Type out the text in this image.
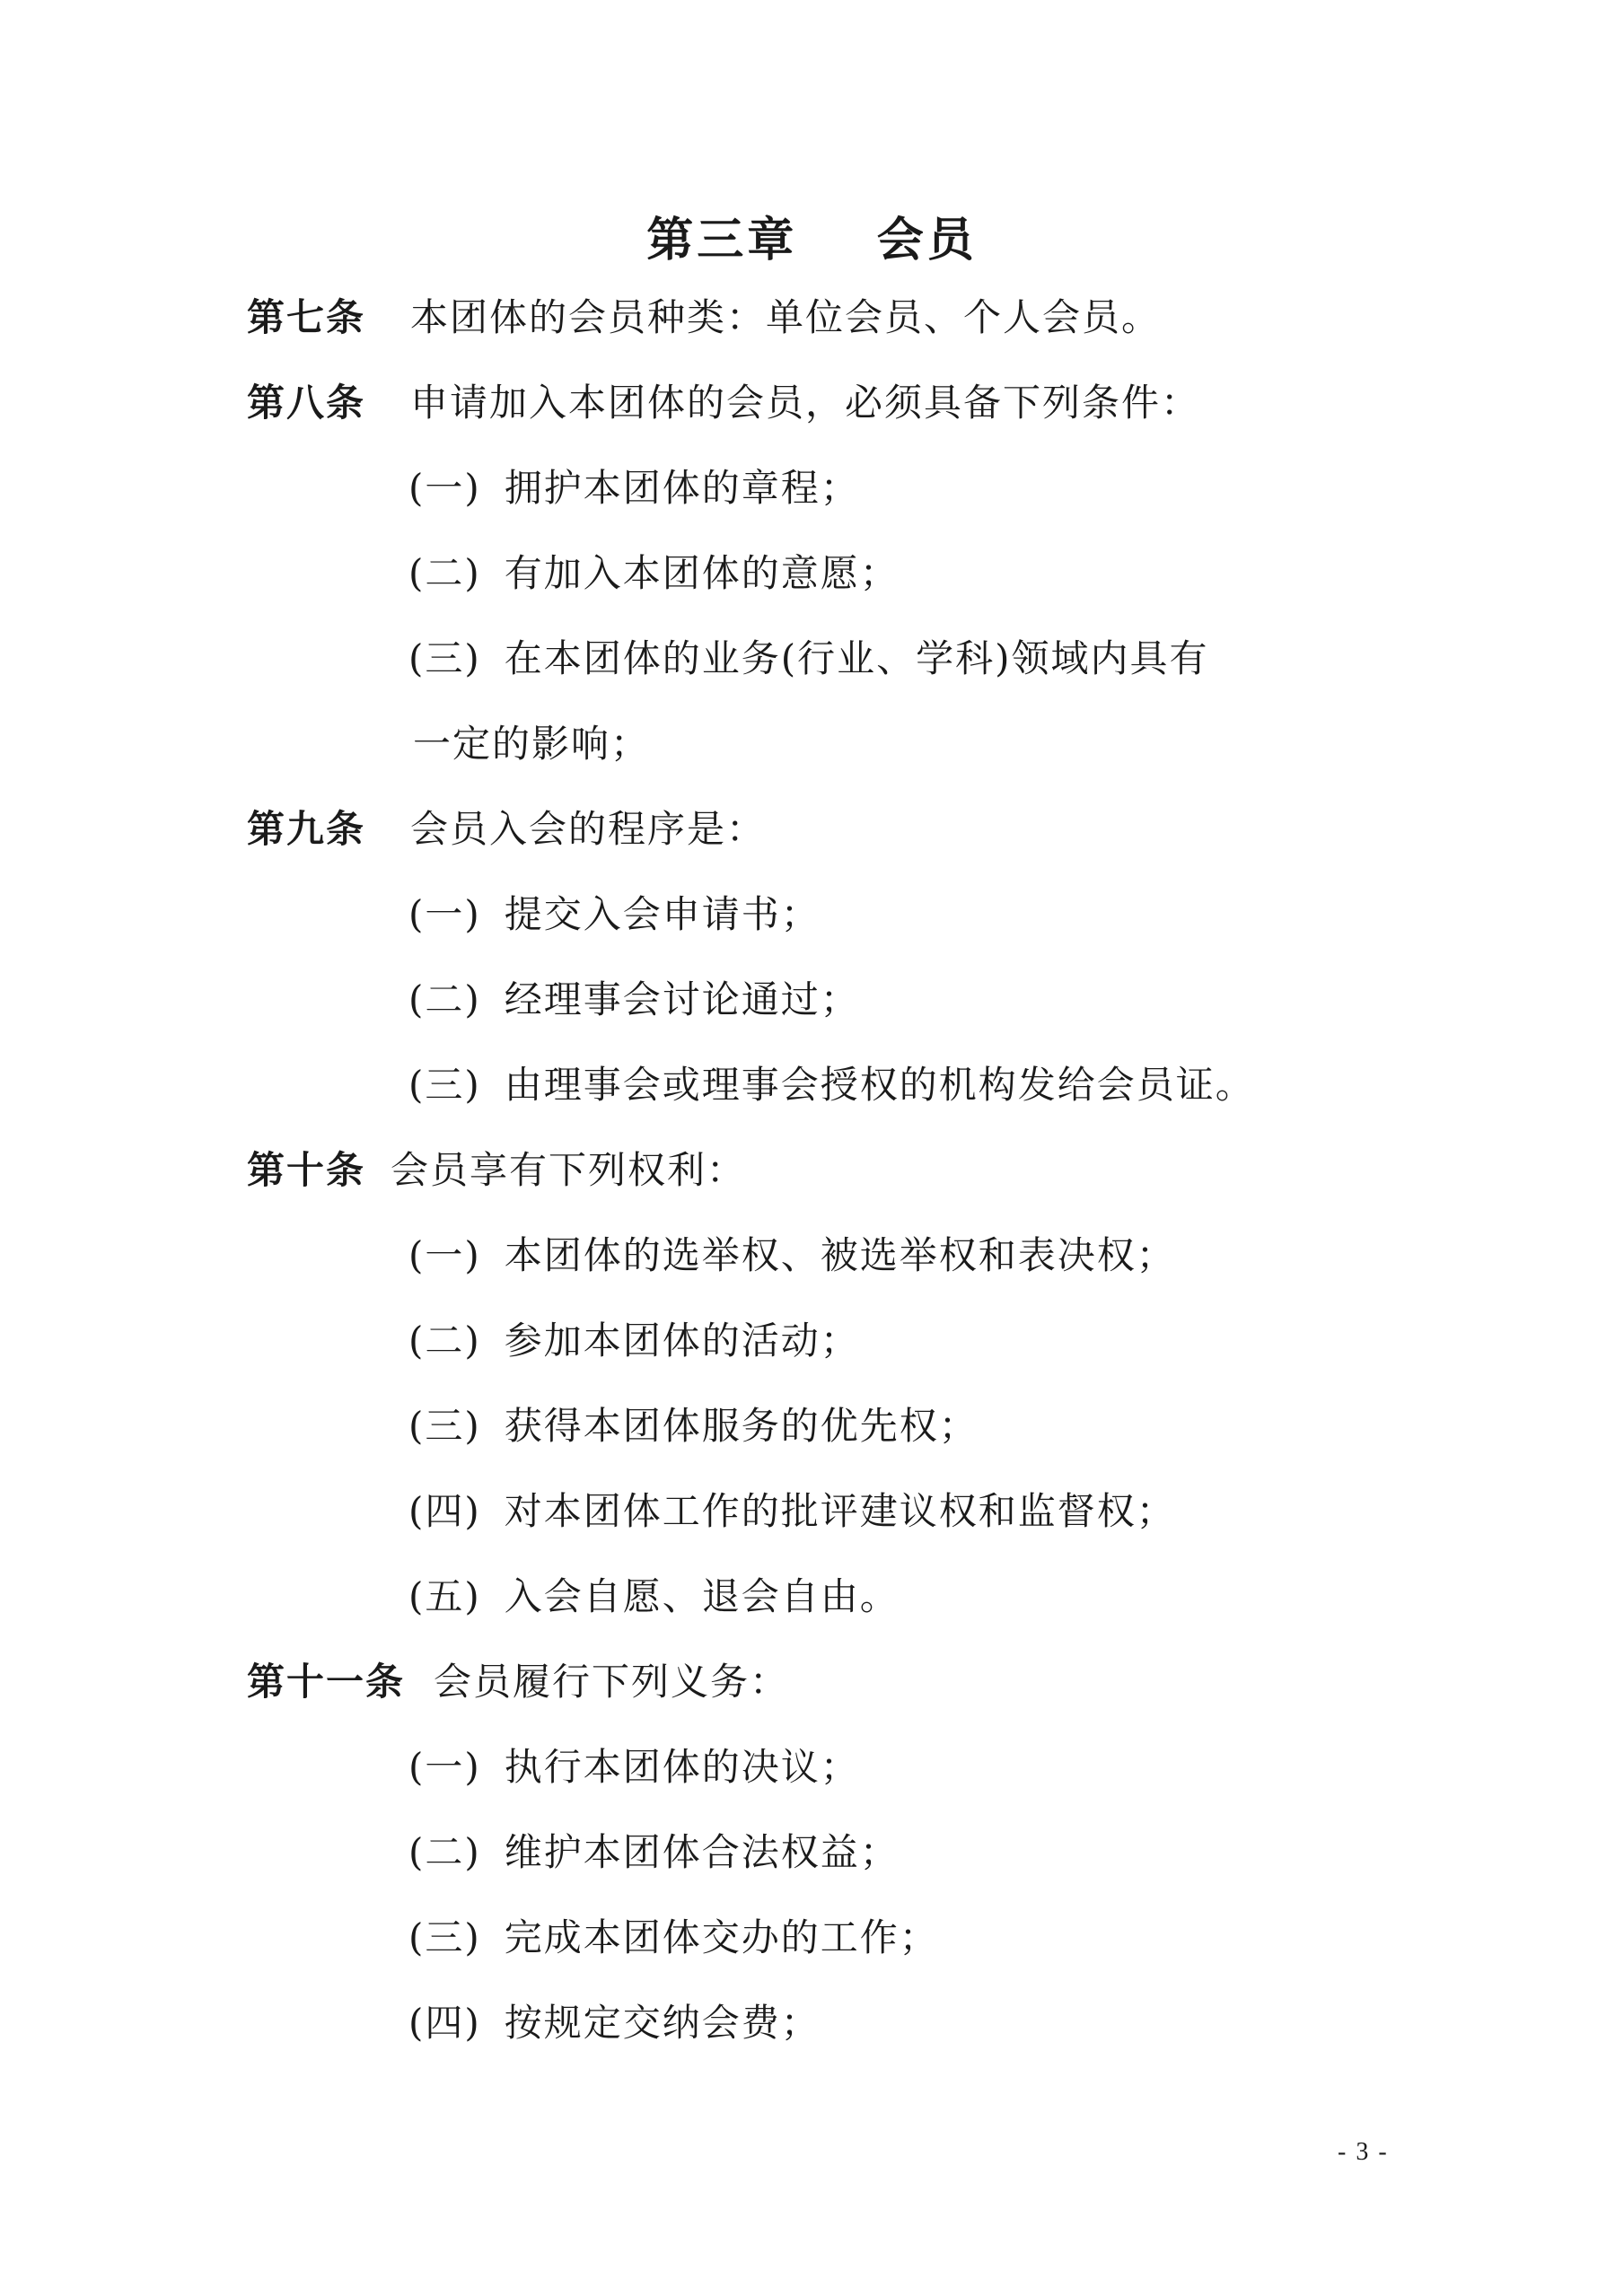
第三章    会员
第七条 本团体的会员种类：单位会员、个人会员。
第八条 申请加入本团体的会员，必须具备下列条件：
(一) 拥护本团体的章程；
(二) 有加入本团体的意愿；
(三) 在本团体的业务(行业、学科)领域内具有
一定的影响；
第九条 会员入会的程序是：
(一) 提交入会申请书；
(二) 经理事会讨论通过；
(三) 由理事会或理事会授权的机构发给会员证。
第十条 会员享有下列权利：
(一) 本团体的选举权、被选举权和表决权；
(二) 参加本团体的活动；
(三) 获得本团体服务的优先权；
(四) 对本团体工作的批评建议权和监督权；
(五) 入会自愿、退会自由。
第十一条 会员履行下列义务：
(一) 执行本团体的决议；
(二) 维护本团体合法权益；
(三) 完成本团体交办的工作；
(四) 按规定交纳会费；
- 3 -
